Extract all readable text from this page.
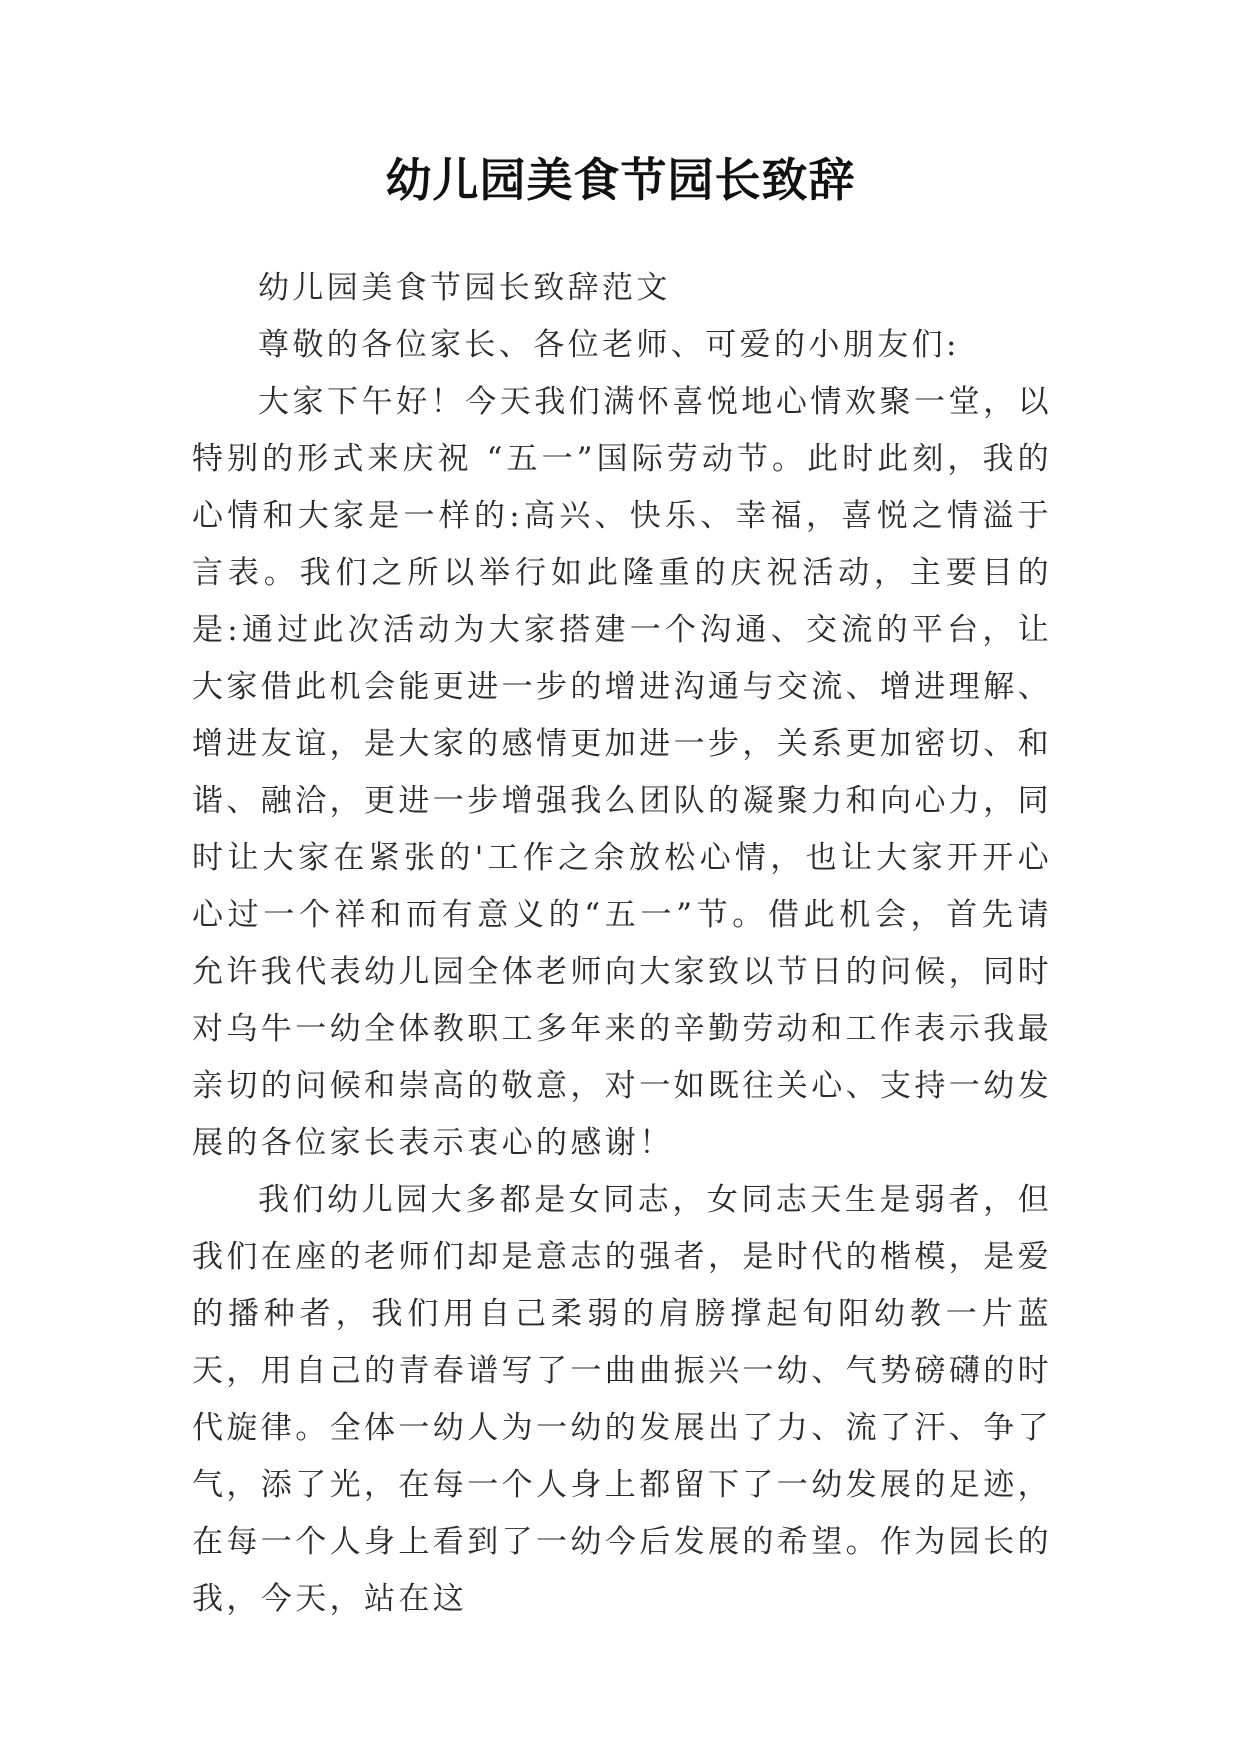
幼儿园美食节园长致辞

幼儿园美食节园长致辞范文

尊敬的各位家长、各位老师、可爱的小朋友们:

大家下午好！今天我们满怀喜悦地心情欢聚一堂，以特别的形式来庆祝 “五一”国际劳动节。此时此刻，我的心情和大家是一样的:高兴、快乐、幸福，喜悦之情溢于言表。我们之所以举行如此隆重的庆祝活动，主要目的是:通过此次活动为大家搭建一个沟通、交流的平台，让大家借此机会能更进一步的增进沟通与交流、增进理解、增进友谊，是大家的感情更加进一步，关系更加密切、和谐、融洽，更进一步增强我么团队的凝聚力和向心力，同时让大家在紧张的'工作之余放松心情，也让大家开开心心过一个祥和而有意义的“五一”节。借此机会，首先请允许我代表幼儿园全体老师向大家致以节日的问候，同时对乌牛一幼全体教职工多年来的辛勤劳动和工作表示我最亲切的问候和崇高的敬意，对一如既往关心、支持一幼发展的各位家长表示衷心的感谢！

我们幼儿园大多都是女同志，女同志天生是弱者，但我们在座的老师们却是意志的强者，是时代的楷模，是爱的播种者，我们用自己柔弱的肩膀撑起旬阳幼教一片蓝天，用自己的青春谱写了一曲曲振兴一幼、气势磅礴的时代旋律。全体一幼人为一幼的发展出了力、流了汗、争了气，添了光，在每一个人身上都留下了一幼发展的足迹，在每一个人身上看到了一幼今后发展的希望。作为园长的我，今天，站在这
